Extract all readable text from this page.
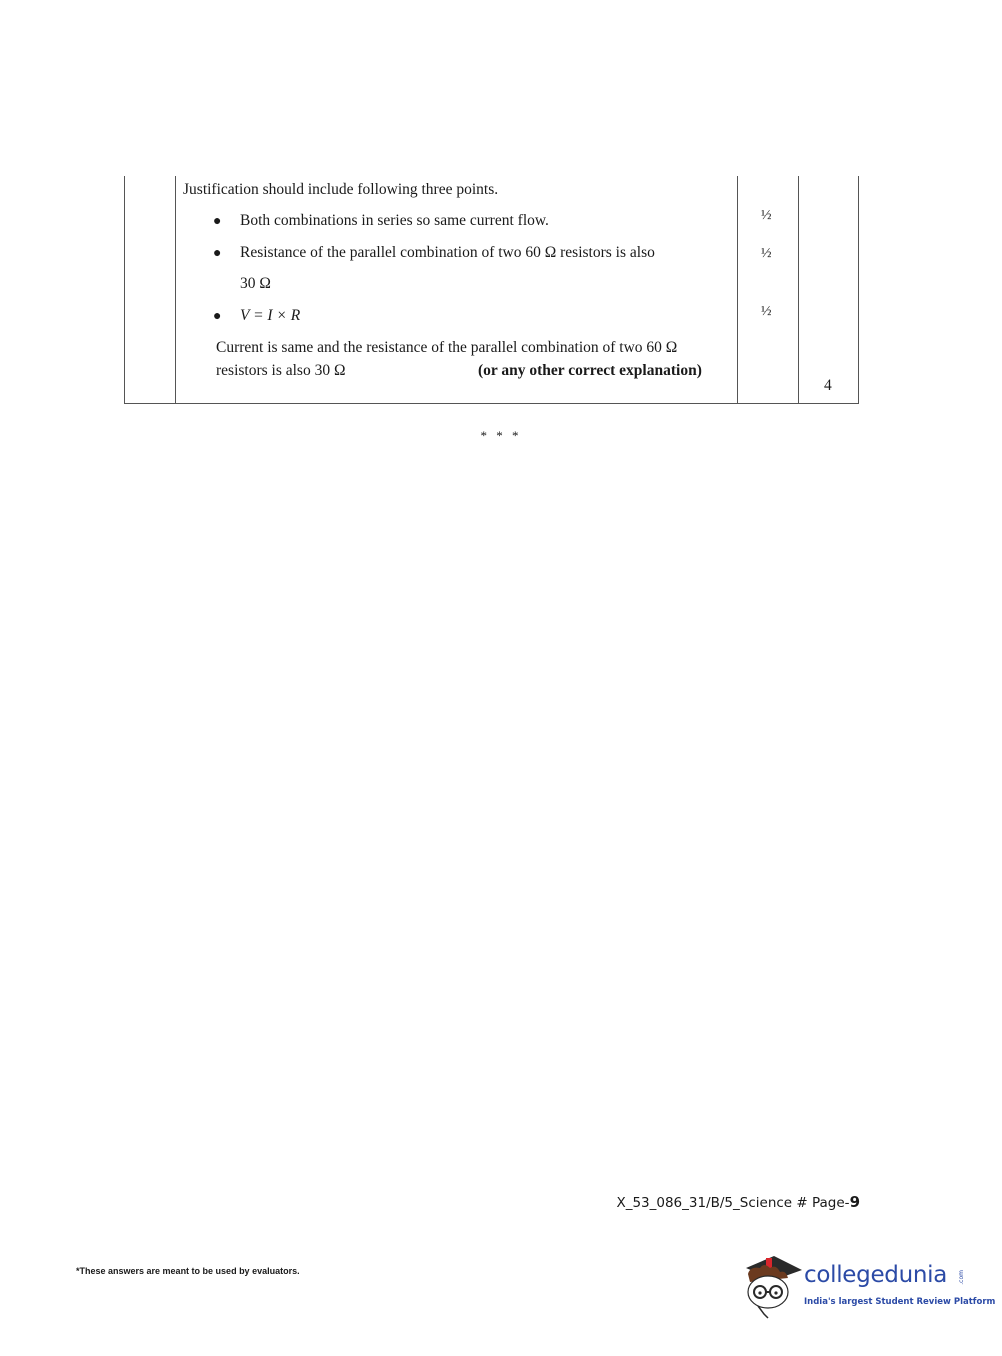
Justification should include following three points.
● Both combinations in series so same current flow.
● Resistance of the parallel combination of two 60 Ω resistors is also
30 Ω
● V = I × R
Current is same and the resistance of the parallel combination of two 60 Ω
resistors is also 30 Ω	(or any other correct explanation)
½
½
½
4
* * *
X_53_086_31/B/5_Science # Page-9
*These answers are meant to be used by evaluators.	collegedunia .com
India's largest Student Review Platform
